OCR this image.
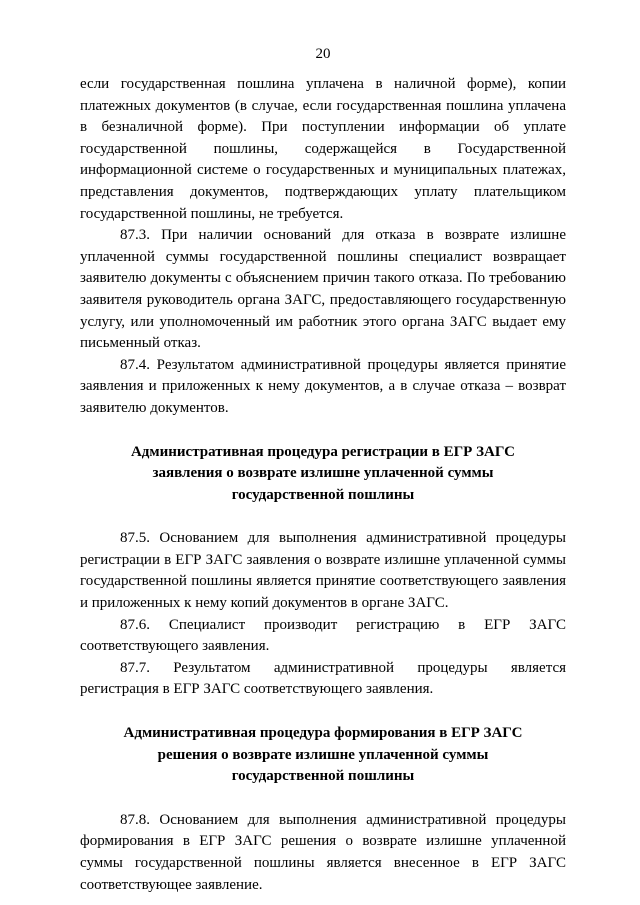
20

если государственная пошлина уплачена в наличной форме), копии платежных документов (в случае, если государственная пошлина уплачена в безналичной форме). При поступлении информации об уплате государственной пошлины, содержащейся в Государственной информационной системе о государственных и муниципальных платежах, представления документов, подтверждающих уплату плательщиком государственной пошлины, не требуется.

87.3. При наличии оснований для отказа в возврате излишне уплаченной суммы государственной пошлины специалист возвращает заявителю документы с объяснением причин такого отказа. По требованию заявителя руководитель органа ЗАГС, предоставляющего государственную услугу, или уполномоченный им работник этого органа ЗАГС выдает ему письменный отказ.

87.4. Результатом административной процедуры является принятие заявления и приложенных к нему документов, а в случае отказа – возврат заявителю документов.

Административная процедура регистрации в ЕГР ЗАГС
заявления о возврате излишне уплаченной суммы
государственной пошлины

87.5. Основанием для выполнения административной процедуры регистрации в ЕГР ЗАГС заявления о возврате излишне уплаченной суммы государственной пошлины является принятие соответствующего заявления и приложенных к нему копий документов в органе ЗАГС.

87.6. Специалист производит регистрацию в ЕГР ЗАГС соответствующего заявления.

87.7. Результатом административной процедуры является регистрация в ЕГР ЗАГС соответствующего заявления.

Административная процедура формирования в ЕГР ЗАГС
решения о возврате излишне уплаченной суммы
государственной пошлины

87.8. Основанием для выполнения административной процедуры формирования в ЕГР ЗАГС решения о возврате излишне уплаченной суммы государственной пошлины является внесенное в ЕГР ЗАГС соответствующее заявление.
